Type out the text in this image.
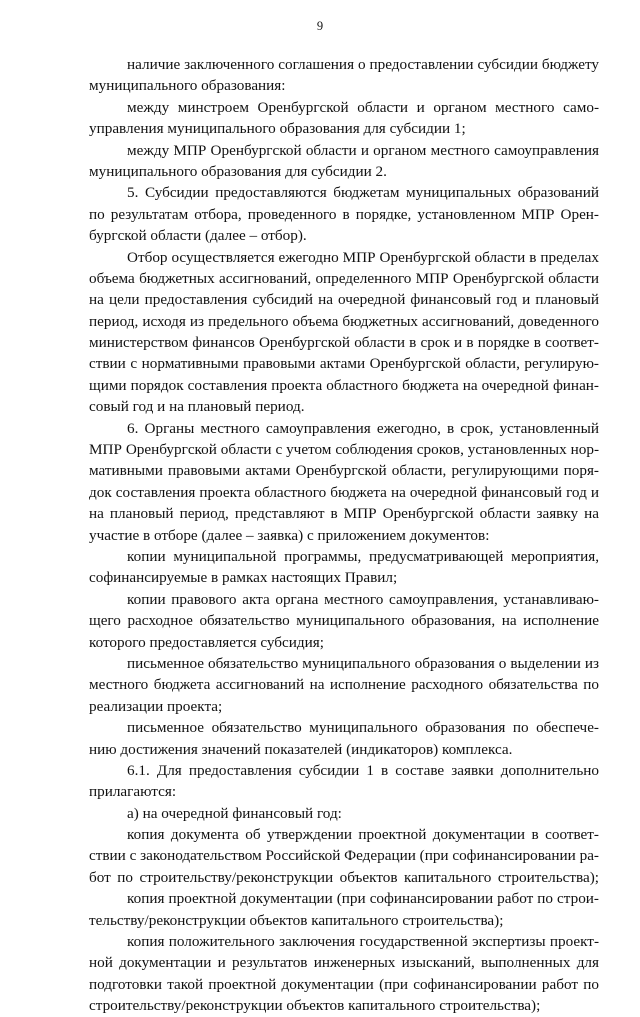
9
наличие заключенного соглашения о предоставлении субсидии бюджету
муниципального образования:
между минстроем Оренбургской области и органом местного само-
управления муниципального образования для субсидии 1;
между МПР Оренбургской области и органом местного самоуправления
муниципального образования для субсидии 2.
5. Субсидии предоставляются бюджетам муниципальных образований
по результатам отбора, проведенного в порядке, установленном МПР Орен-
бургской области (далее – отбор).
Отбор осуществляется ежегодно МПР Оренбургской области в пределах
объема бюджетных ассигнований, определенного МПР Оренбургской области
на цели предоставления субсидий на очередной финансовый год и плановый
период, исходя из предельного объема бюджетных ассигнований, доведенного
министерством финансов Оренбургской области в срок и в порядке в соответ-
ствии с нормативными правовыми актами Оренбургской области, регулирую-
щими порядок составления проекта областного бюджета на очередной финан-
совый год и на плановый период.
6. Органы местного самоуправления ежегодно, в срок, установленный
МПР Оренбургской области с учетом соблюдения сроков, установленных нор-
мативными правовыми актами Оренбургской области, регулирующими поря-
док составления проекта областного бюджета на очередной финансовый год и
на плановый период, представляют в МПР Оренбургской области заявку на
участие в отборе (далее – заявка) с приложением документов:
копии муниципальной программы, предусматривающей мероприятия,
софинансируемые в рамках настоящих Правил;
копии правового акта органа местного самоуправления, устанавливаю-
щего расходное обязательство муниципального образования, на исполнение
которого предоставляется субсидия;
письменное обязательство муниципального образования о выделении из
местного бюджета ассигнований на исполнение расходного обязательства по
реализации проекта;
письменное обязательство муниципального образования по обеспече-
нию достижения значений показателей (индикаторов) комплекса.
6.1. Для предоставления субсидии 1 в составе заявки дополнительно
прилагаются:
а) на очередной финансовый год:
копия документа об утверждении проектной документации в соответ-
ствии с законодательством Российской Федерации (при софинансировании ра-
бот по строительству/реконструкции объектов капитального строительства);
копия проектной документации (при софинансировании работ по строи-
тельству/реконструкции объектов капитального строительства);
копия положительного заключения государственной экспертизы проект-
ной документации и результатов инженерных изысканий, выполненных для
подготовки такой проектной документации (при софинансировании работ по
строительству/реконструкции объектов капитального строительства);
